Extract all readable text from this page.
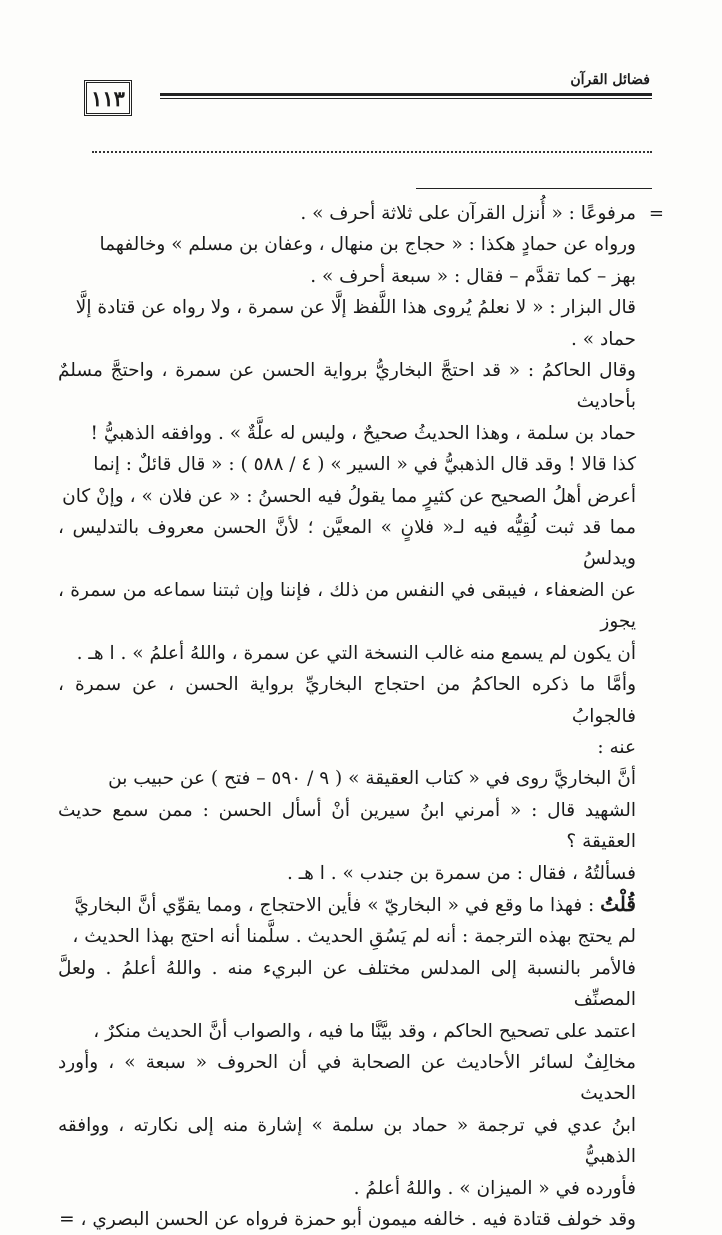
١١٣
فضائل القرآن
=

مرفوعًا : « أُنزل القرآن على ثلاثة أحرف » .

ورواه عن حمادٍ هكذا : « حجاج بن منهال ، وعفان بن مسلم » وخالفهما

بهز – كما تقدَّم – فقال : « سبعة أحرف » .

قال البزار : « لا نعلمُ يُروى هذا اللَّفظ إلَّا عن سمرة ، ولا رواه عن قتادة إلَّا

حماد » .

وقال الحاكمُ : « قد احتجَّ البخاريُّ برواية الحسن عن سمرة ، واحتجَّ مسلمٌ بأحاديث

حماد بن سلمة ، وهذا الحديثُ صحيحٌ ، وليس له علَّةٌ » . ووافقه الذهبيُّ !

كذا قالا ! وقد قال الذهبيُّ في « السير » ( ٤ / ٥٨٨ ) : « قال قائلٌ : إنما

أعرض أهلُ الصحيح عن كثيرٍ مما يقولُ فيه الحسنُ : « عن فلان » ، وإنْ كان

مما قد ثبت لُقِيُّه فيه لـ« فلانٍ » المعيَّن ؛ لأنَّ الحسن معروف بالتدليس ، ويدلسُ

عن الضعفاء ، فيبقى في النفس من ذلك ، فإننا وإن ثبتنا سماعه من سمرة ، يجوز

أن يكون لم يسمع منه غالب النسخة التي عن سمرة ، واللهُ أعلمُ » . ا هـ .

وأمَّا ما ذكره الحاكمُ من احتجاج البخاريِّ برواية الحسن ، عن سمرة ، فالجوابُ

عنه :

أنَّ البخاريَّ روى في « كتاب العقيقة » ( ٩ / ٥٩٠ – فتح ) عن حبيب بن

الشهيد قال : « أمرني ابنُ سيرين أنْ أسأل الحسن : ممن سمع حديث العقيقة ؟

فسألتُهُ ، فقال : من سمرة بن جندب » . ا هـ .

قُلْتُ : فهذا ما وقع في « البخاريّ » فأين الاحتجاج ، ومما يقوِّي أنَّ البخاريَّ

لم يحتج بهذه الترجمة : أنه لم يَسُقِ الحديث . سلَّمنا أنه احتج بهذا الحديث ،

فالأمر بالنسبة إلى المدلس مختلف عن البريء منه . واللهُ أعلمُ . ولعلَّ المصنِّف

اعتمد على تصحيح الحاكم ، وقد بيَّنَّا ما فيه ، والصواب أنَّ الحديث منكرٌ ،

مخالِفٌ لسائر الأحاديث عن الصحابة في أن الحروف « سبعة » ، وأورد الحديث

ابنُ عدي في ترجمة « حماد بن سلمة » إشارة منه إلى نكارته ، ووافقه الذهبيُّ

فأورده في « الميزان » . واللهُ أعلمُ .

وقد خولف قتادة فيه . خالفه ميمون أبو حمزة فرواه عن الحسن البصري ، =
